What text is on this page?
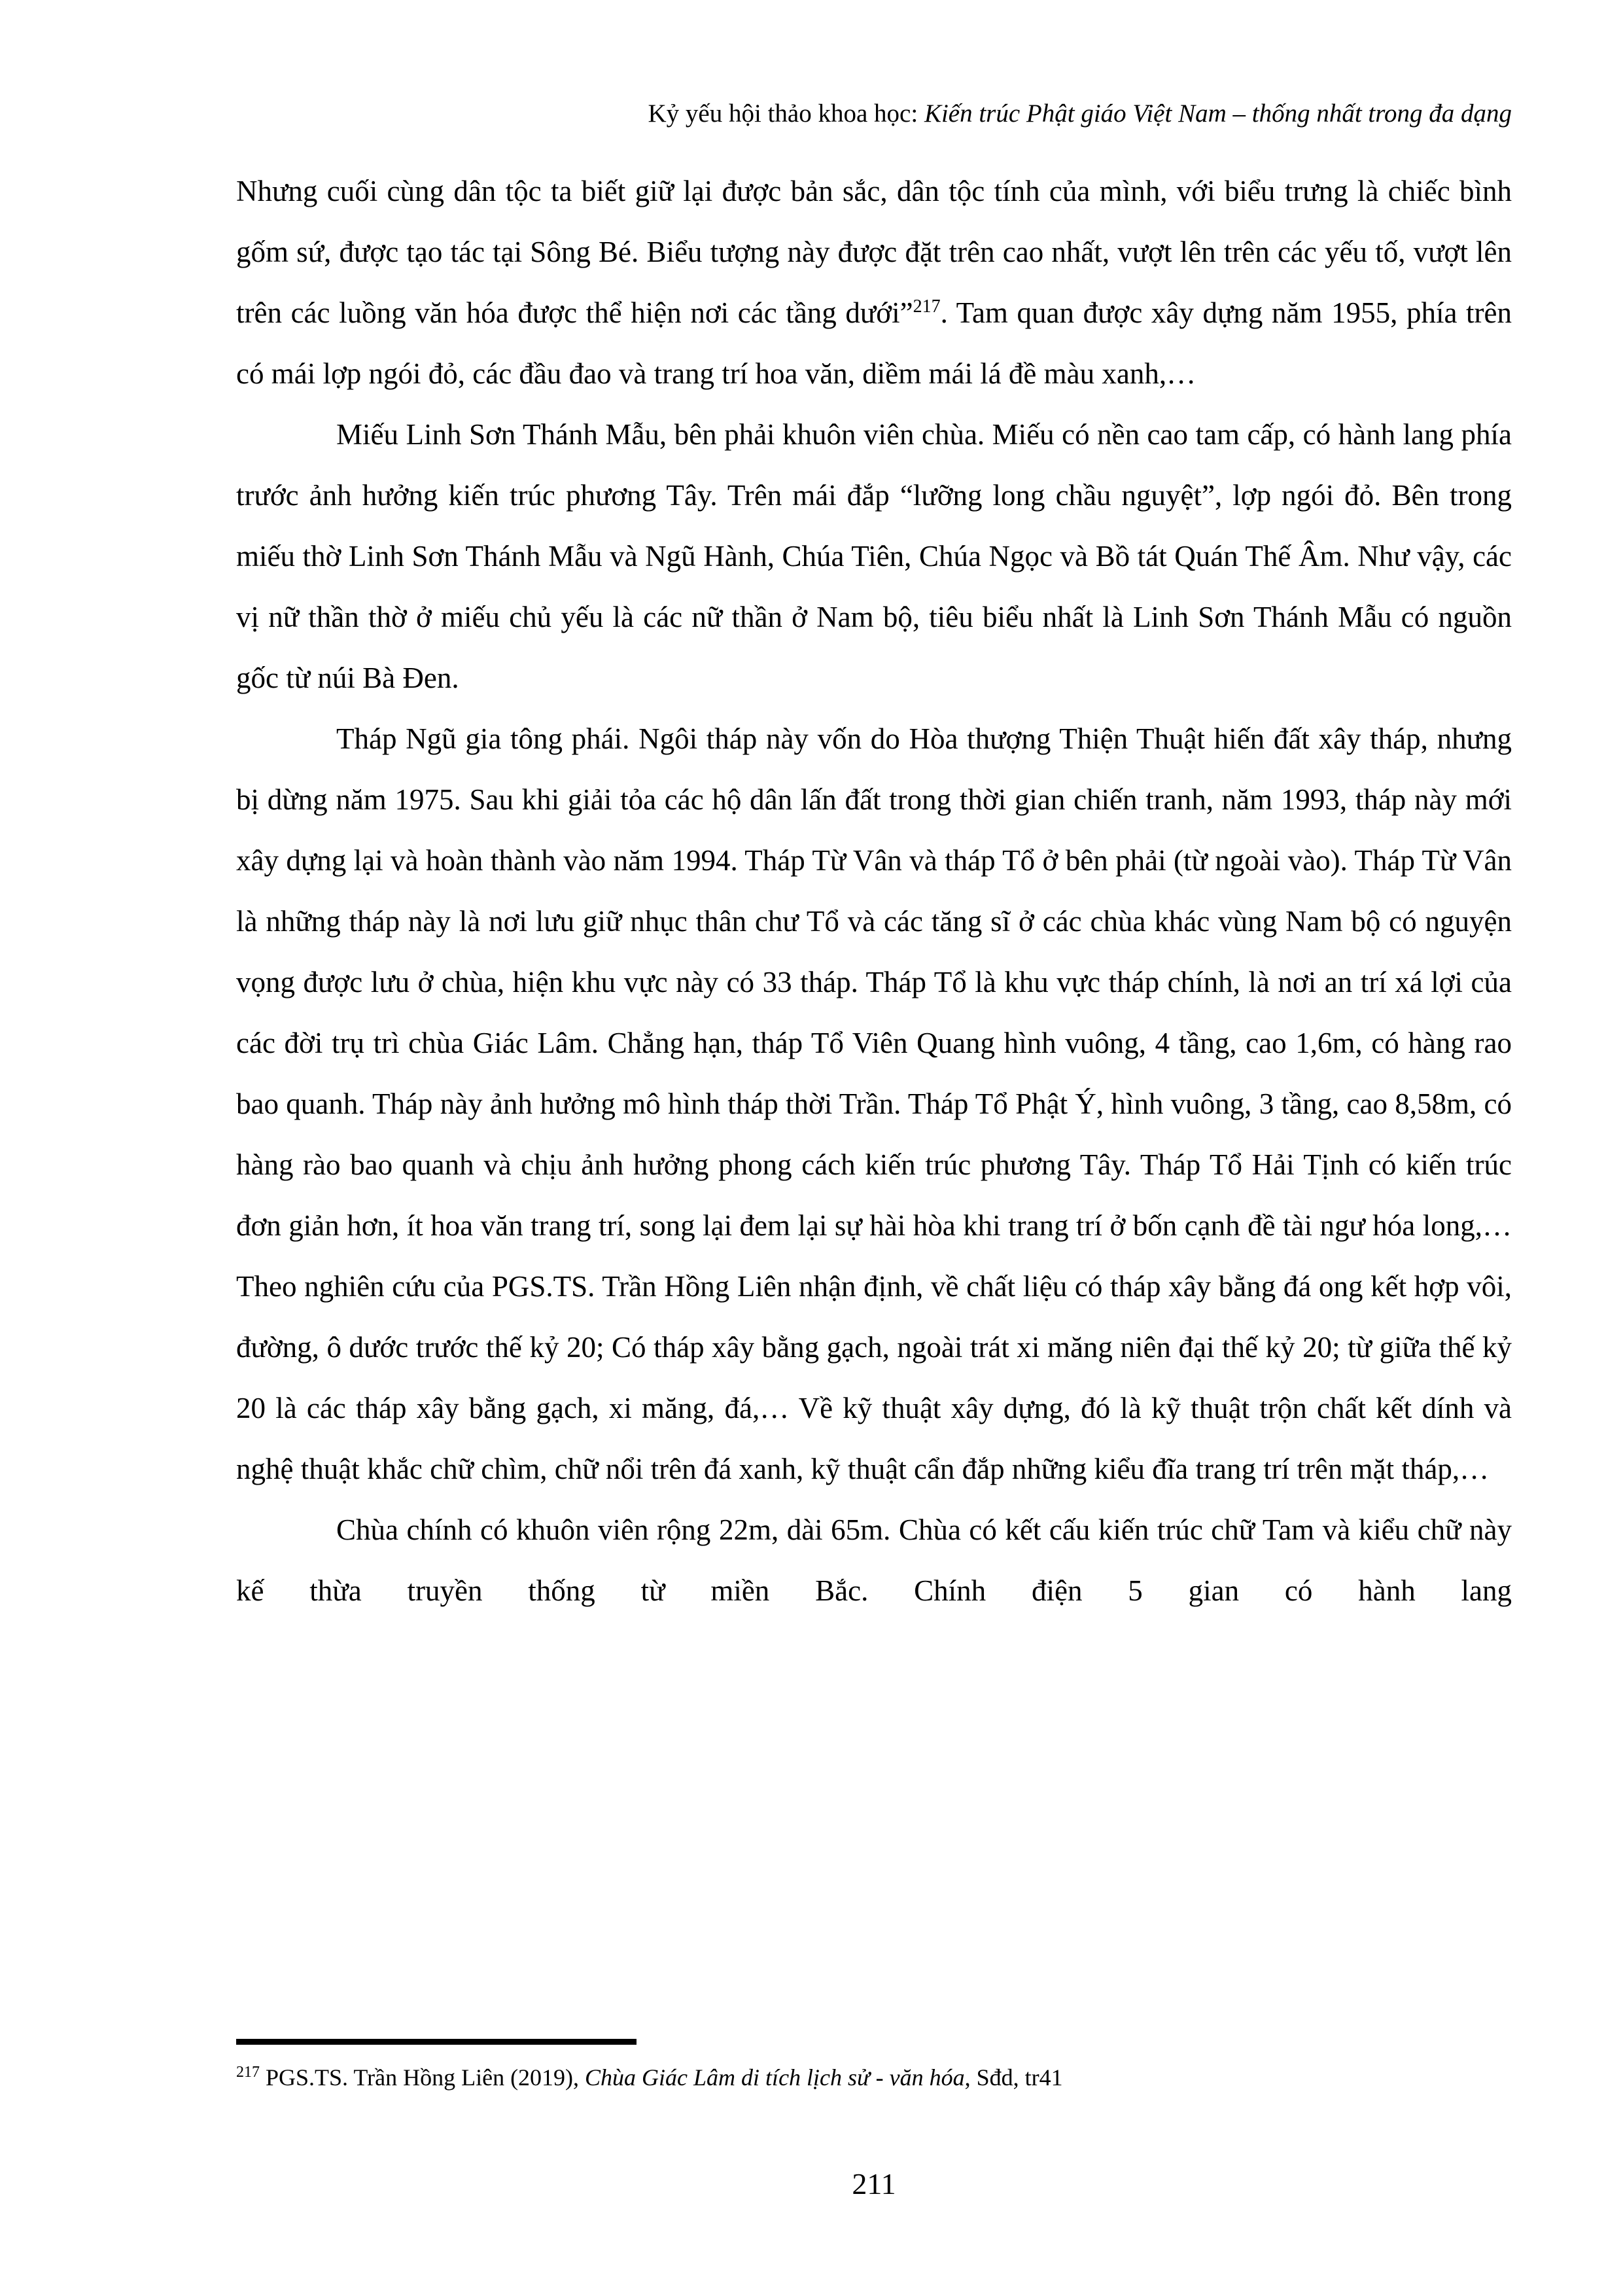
Kỷ yếu hội thảo khoa học: Kiến trúc Phật giáo Việt Nam – thống nhất trong đa dạng

Nhưng cuối cùng dân tộc ta biết giữ lại được bản sắc, dân tộc tính của mình, với biểu trưng là chiếc bình gốm sứ, được tạo tác tại Sông Bé. Biểu tượng này được đặt trên cao nhất, vượt lên trên các yếu tố, vượt lên trên các luồng văn hóa được thể hiện nơi các tầng dưới”$^{217}$. Tam quan được xây dựng năm 1955, phía trên có mái lợp ngói đỏ, các đầu đao và trang trí hoa văn, diềm mái lá đề màu xanh,…

Miếu Linh Sơn Thánh Mẫu, bên phải khuôn viên chùa. Miếu có nền cao tam cấp, có hành lang phía trước ảnh hưởng kiến trúc phương Tây. Trên mái đắp “lưỡng long chầu nguyệt”, lợp ngói đỏ. Bên trong miếu thờ Linh Sơn Thánh Mẫu và Ngũ Hành, Chúa Tiên, Chúa Ngọc và Bồ tát Quán Thế Âm. Như vậy, các vị nữ thần thờ ở miếu chủ yếu là các nữ thần ở Nam bộ, tiêu biểu nhất là Linh Sơn Thánh Mẫu có nguồn gốc từ núi Bà Đen.

Tháp Ngũ gia tông phái. Ngôi tháp này vốn do Hòa thượng Thiện Thuật hiến đất xây tháp, nhưng bị dừng năm 1975. Sau khi giải tỏa các hộ dân lấn đất trong thời gian chiến tranh, năm 1993, tháp này mới xây dựng lại và hoàn thành vào năm 1994. Tháp Từ Vân và tháp Tổ ở bên phải (từ ngoài vào). Tháp Từ Vân là những tháp này là nơi lưu giữ nhục thân chư Tổ và các tăng sĩ ở các chùa khác vùng Nam bộ có nguyện vọng được lưu ở chùa, hiện khu vực này có 33 tháp. Tháp Tổ là khu vực tháp chính, là nơi an trí xá lợi của các đời trụ trì chùa Giác Lâm. Chẳng hạn, tháp Tổ Viên Quang hình vuông, 4 tầng, cao 1,6m, có hàng rao bao quanh. Tháp này ảnh hưởng mô hình tháp thời Trần. Tháp Tổ Phật Ý, hình vuông, 3 tầng, cao 8,58m, có hàng rào bao quanh và chịu ảnh hưởng phong cách kiến trúc phương Tây. Tháp Tổ Hải Tịnh có kiến trúc đơn giản hơn, ít hoa văn trang trí, song lại đem lại sự hài hòa khi trang trí ở bốn cạnh đề tài ngư hóa long,… Theo nghiên cứu của PGS.TS. Trần Hồng Liên nhận định, về chất liệu có tháp xây bằng đá ong kết hợp vôi, đường, ô dước trước thế kỷ 20; Có tháp xây bằng gạch, ngoài trát xi măng niên đại thế kỷ 20; từ giữa thế kỷ 20 là các tháp xây bằng gạch, xi măng, đá,… Về kỹ thuật xây dựng, đó là kỹ thuật trộn chất kết dính và nghệ thuật khắc chữ chìm, chữ nổi trên đá xanh, kỹ thuật cẩn đắp những kiểu đĩa trang trí trên mặt tháp,…

Chùa chính có khuôn viên rộng 22m, dài 65m. Chùa có kết cấu kiến trúc chữ Tam và kiểu chữ này kế thừa truyền thống từ miền Bắc. Chính điện 5 gian có hành lang

$^{217}$ PGS.TS. Trần Hồng Liên (2019), Chùa Giác Lâm di tích lịch sử - văn hóa, Sđd, tr41
211
